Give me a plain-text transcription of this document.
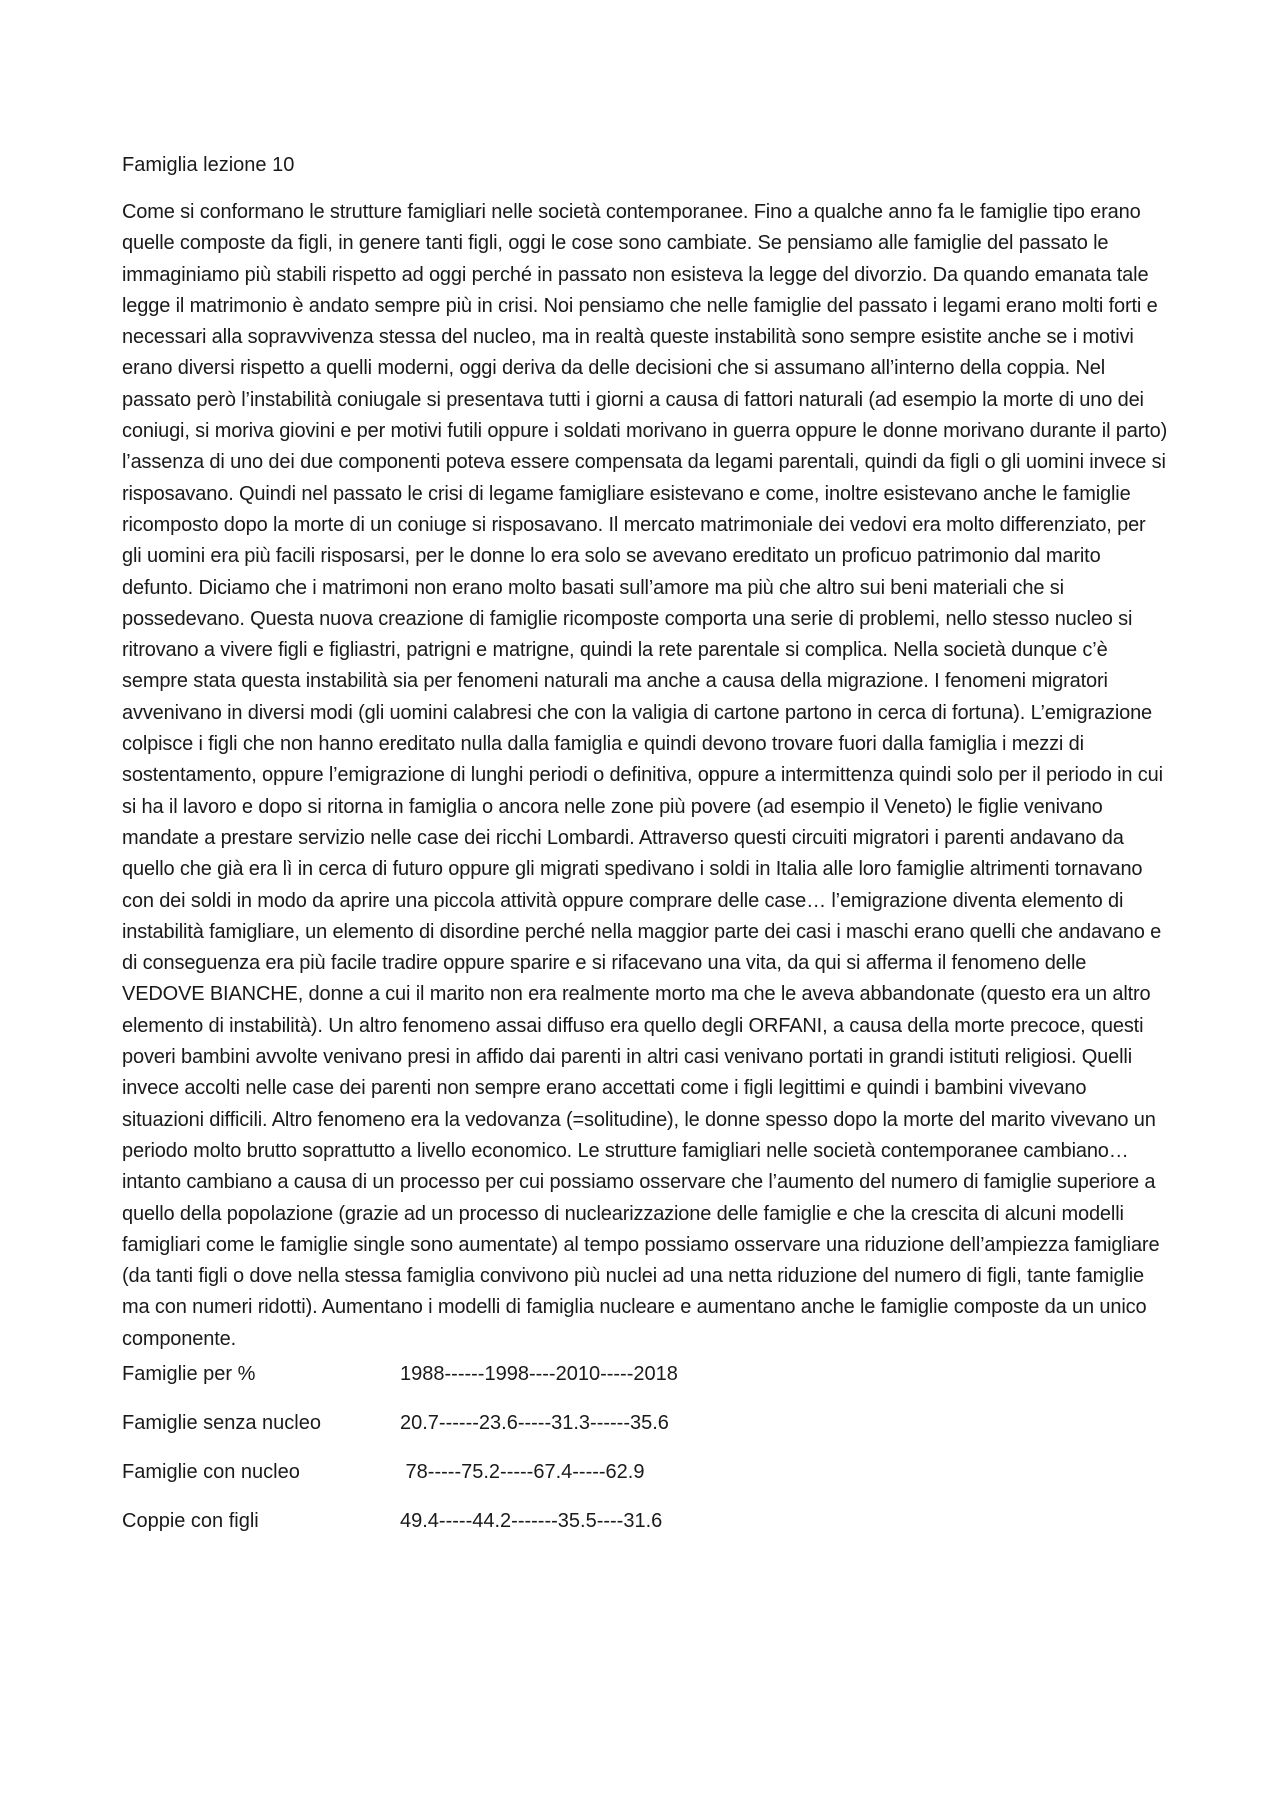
Famiglia lezione 10

Come si conformano le strutture famigliari nelle società contemporanee. Fino a qualche anno fa le famiglie tipo erano quelle composte da figli, in genere tanti figli, oggi le cose sono cambiate. Se pensiamo alle famiglie del passato le immaginiamo più stabili rispetto ad oggi perché in passato non esisteva la legge del divorzio. Da quando emanata tale legge il matrimonio è andato sempre più in crisi. Noi pensiamo che nelle famiglie del passato i legami erano molti forti e necessari alla sopravvivenza stessa del nucleo, ma in realtà queste instabilità sono sempre esistite anche se i motivi erano diversi rispetto a quelli moderni, oggi deriva da delle decisioni che si assumano all’interno della coppia. Nel passato però l’instabilità coniugale si presentava tutti i giorni a causa di fattori naturali (ad esempio la morte di uno dei coniugi, si moriva giovini e per motivi futili oppure i soldati morivano in guerra oppure le donne morivano durante il parto) l’assenza di uno dei due componenti poteva essere compensata da legami parentali, quindi da figli o gli uomini invece si risposavano. Quindi nel passato le crisi di legame famigliare esistevano e come, inoltre esistevano anche le famiglie ricomposto dopo la morte di un coniuge si risposavano. Il mercato matrimoniale dei vedovi era molto differenziato, per gli uomini era più facili risposarsi, per le donne lo era solo se avevano ereditato un proficuo patrimonio dal marito defunto. Diciamo che i matrimoni non erano molto basati sull’amore ma più che altro sui beni materiali che si possedevano. Questa nuova creazione di famiglie ricomposte comporta una serie di problemi, nello stesso nucleo si ritrovano a vivere figli e figliastri, patrigni e matrigne, quindi la rete parentale si complica. Nella società dunque c’è sempre stata questa instabilità sia per fenomeni naturali ma anche a causa della migrazione. I fenomeni migratori avvenivano in diversi modi (gli uomini calabresi che con la valigia di cartone partono in cerca di fortuna). L’emigrazione colpisce i figli che non hanno ereditato nulla dalla famiglia e quindi devono trovare fuori dalla famiglia i mezzi di sostentamento, oppure l’emigrazione di lunghi periodi o definitiva, oppure a intermittenza quindi solo per il periodo in cui si ha il lavoro e dopo si ritorna in famiglia o ancora nelle zone più povere (ad esempio il Veneto) le figlie venivano mandate a prestare servizio nelle case dei ricchi Lombardi. Attraverso questi circuiti migratori i parenti andavano da quello che già era lì in cerca di futuro oppure gli migrati spedivano i soldi in Italia alle loro famiglie altrimenti tornavano con dei soldi in modo da aprire una piccola attività oppure comprare delle case… l’emigrazione diventa elemento di instabilità famigliare, un elemento di disordine perché nella maggior parte dei casi i maschi erano quelli che andavano e di conseguenza era più facile tradire oppure sparire e si rifacevano una vita, da qui si afferma il fenomeno delle VEDOVE BIANCHE, donne a cui il marito non era realmente morto ma che le aveva abbandonate (questo era un altro elemento di instabilità). Un altro fenomeno assai diffuso era quello degli ORFANI, a causa della morte precoce, questi poveri bambini avvolte venivano presi in affido dai parenti in altri casi venivano portati in grandi istituti religiosi. Quelli invece accolti nelle case dei parenti non sempre erano accettati come i figli legittimi e quindi i bambini vivevano situazioni difficili. Altro fenomeno era la vedovanza (=solitudine), le donne spesso dopo la morte del marito vivevano un periodo molto brutto soprattutto a livello economico. Le strutture famigliari nelle società contemporanee cambiano… intanto cambiano a causa di un processo per cui possiamo osservare che l’aumento del numero di famiglie superiore a quello della popolazione (grazie ad un processo di nuclearizzazione delle famiglie e che la crescita di alcuni modelli famigliari come le famiglie single sono aumentate) al tempo possiamo osservare una riduzione dell’ampiezza famigliare (da tanti figli o dove nella stessa famiglia convivono più nuclei ad una netta riduzione del numero di figli, tante famiglie ma con numeri ridotti). Aumentano i modelli di famiglia nucleare e aumentano anche le famiglie composte da un unico componente.

Famiglie per %	1988------1998----2010-----2018
Famiglie senza nucleo	20.7------23.6-----31.3------35.6
Famiglie con nucleo	78-----75.2-----67.4-----62.9
Coppie con figli	49.4-----44.2-------35.5----31.6
